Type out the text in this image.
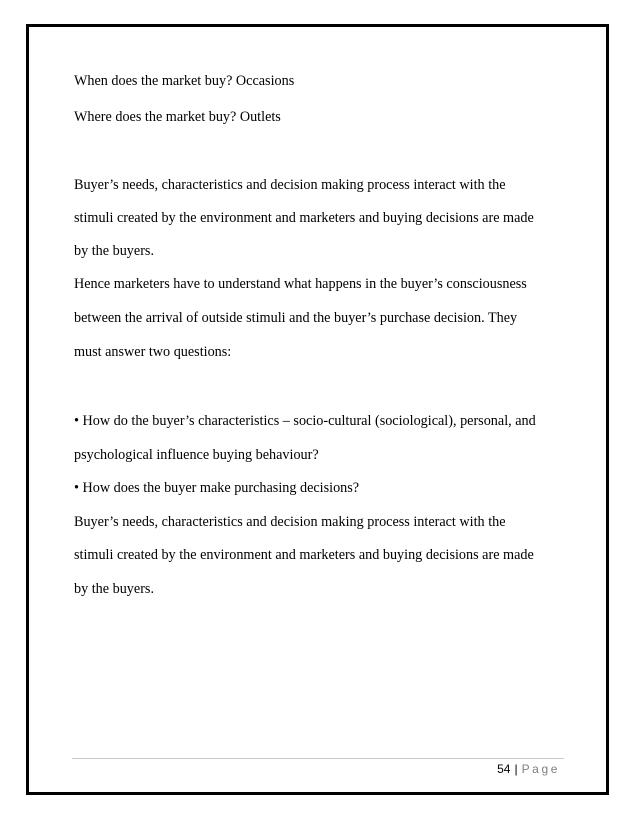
When does the market buy? Occasions

Where does the market buy? Outlets

Buyer’s needs, characteristics and decision making process interact with the

stimuli created by the environment and marketers and buying decisions are made

by the buyers.

Hence marketers have to understand what happens in the buyer’s consciousness

between the arrival of outside stimuli and the buyer’s purchase decision. They

must answer two questions:

• How do the buyer’s characteristics – socio-cultural (sociological), personal, and

psychological influence buying behaviour?

• How does the buyer make purchasing decisions?

Buyer’s needs, characteristics and decision making process interact with the

stimuli created by the environment and marketers and buying decisions are made

by the buyers.

54 | Page
